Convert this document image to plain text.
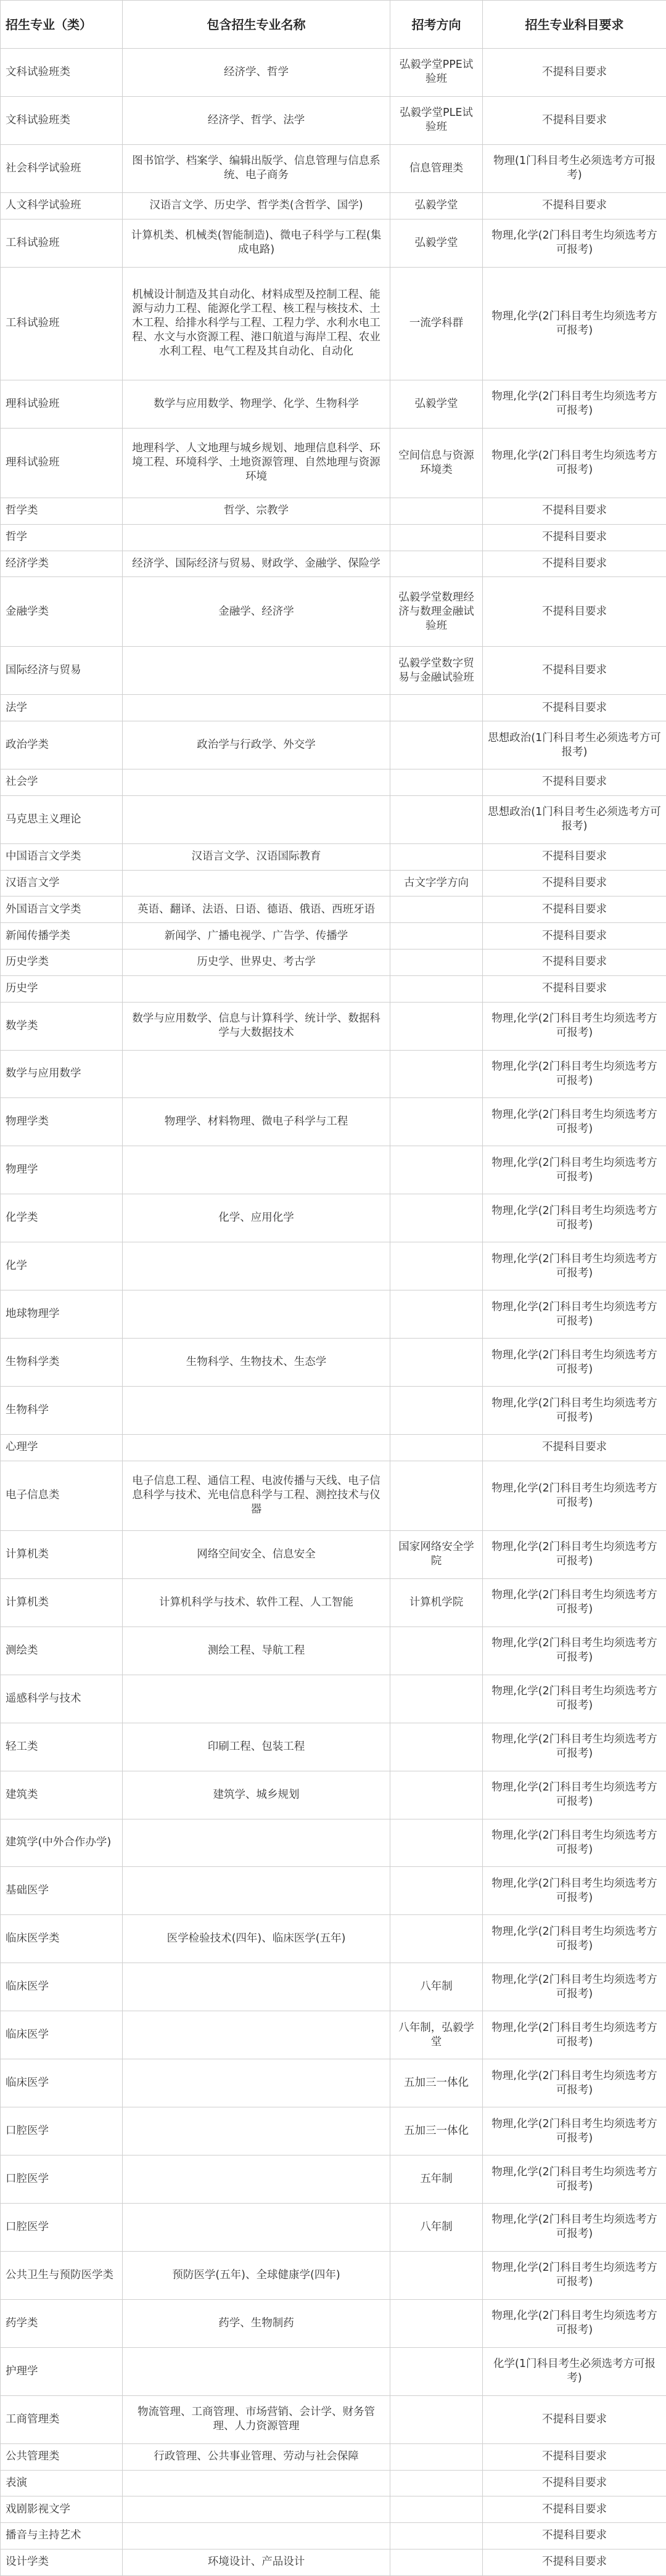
招生专业（类）	包含招生专业名称	招考方向	招生专业科目要求
文科试验班类	经济学、哲学	弘毅学堂PPE试验班	不提科目要求
文科试验班类	经济学、哲学、法学	弘毅学堂PLE试验班	不提科目要求
社会科学试验班	图书馆学、档案学、编辑出版学、信息管理与信息系统、电子商务	信息管理类	物理(1门科目考生必须选考方可报考)
人文科学试验班	汉语言文学、历史学、哲学类(含哲学、国学)	弘毅学堂	不提科目要求
工科试验班	计算机类、机械类(智能制造)、微电子科学与工程(集成电路)	弘毅学堂	物理,化学(2门科目考生均须选考方可报考)
工科试验班	机械设计制造及其自动化、材料成型及控制工程、能源与动力工程、能源化学工程、核工程与核技术、土木工程、给排水科学与工程、工程力学、水利水电工程、水文与水资源工程、港口航道与海岸工程、农业水利工程、电气工程及其自动化、自动化	一流学科群	物理,化学(2门科目考生均须选考方可报考)
理科试验班	数学与应用数学、物理学、化学、生物科学	弘毅学堂	物理,化学(2门科目考生均须选考方可报考)
理科试验班	地理科学、人文地理与城乡规划、地理信息科学、环境工程、环境科学、土地资源管理、自然地理与资源环境	空间信息与资源环境类	物理,化学(2门科目考生均须选考方可报考)
哲学类	哲学、宗教学		不提科目要求
哲学			不提科目要求
经济学类	经济学、国际经济与贸易、财政学、金融学、保险学		不提科目要求
金融学类	金融学、经济学	弘毅学堂数理经济与数理金融试验班	不提科目要求
国际经济与贸易		弘毅学堂数字贸易与金融试验班	不提科目要求
法学			不提科目要求
政治学类	政治学与行政学、外交学		思想政治(1门科目考生必须选考方可报考)
社会学			不提科目要求
马克思主义理论			思想政治(1门科目考生必须选考方可报考)
中国语言文学类	汉语言文学、汉语国际教育		不提科目要求
汉语言文学		古文字学方向	不提科目要求
外国语言文学类	英语、翻译、法语、日语、德语、俄语、西班牙语		不提科目要求
新闻传播学类	新闻学、广播电视学、广告学、传播学		不提科目要求
历史学类	历史学、世界史、考古学		不提科目要求
历史学			不提科目要求
数学类	数学与应用数学、信息与计算科学、统计学、数据科学与大数据技术		物理,化学(2门科目考生均须选考方可报考)
数学与应用数学			物理,化学(2门科目考生均须选考方可报考)
物理学类	物理学、材料物理、微电子科学与工程		物理,化学(2门科目考生均须选考方可报考)
物理学			物理,化学(2门科目考生均须选考方可报考)
化学类	化学、应用化学		物理,化学(2门科目考生均须选考方可报考)
化学			物理,化学(2门科目考生均须选考方可报考)
地球物理学			物理,化学(2门科目考生均须选考方可报考)
生物科学类	生物科学、生物技术、生态学		物理,化学(2门科目考生均须选考方可报考)
生物科学			物理,化学(2门科目考生均须选考方可报考)
心理学			不提科目要求
电子信息类	电子信息工程、通信工程、电波传播与天线、电子信息科学与技术、光电信息科学与工程、测控技术与仪器		物理,化学(2门科目考生均须选考方可报考)
计算机类	网络空间安全、信息安全	国家网络安全学院	物理,化学(2门科目考生均须选考方可报考)
计算机类	计算机科学与技术、软件工程、人工智能	计算机学院	物理,化学(2门科目考生均须选考方可报考)
测绘类	测绘工程、导航工程		物理,化学(2门科目考生均须选考方可报考)
遥感科学与技术			物理,化学(2门科目考生均须选考方可报考)
轻工类	印刷工程、包装工程		物理,化学(2门科目考生均须选考方可报考)
建筑类	建筑学、城乡规划		物理,化学(2门科目考生均须选考方可报考)
建筑学(中外合作办学)			物理,化学(2门科目考生均须选考方可报考)
基础医学			物理,化学(2门科目考生均须选考方可报考)
临床医学类	医学检验技术(四年)、临床医学(五年)		物理,化学(2门科目考生均须选考方可报考)
临床医学		八年制	物理,化学(2门科目考生均须选考方可报考)
临床医学		八年制，弘毅学堂	物理,化学(2门科目考生均须选考方可报考)
临床医学		五加三一体化	物理,化学(2门科目考生均须选考方可报考)
口腔医学		五加三一体化	物理,化学(2门科目考生均须选考方可报考)
口腔医学		五年制	物理,化学(2门科目考生均须选考方可报考)
口腔医学		八年制	物理,化学(2门科目考生均须选考方可报考)
公共卫生与预防医学类	预防医学(五年)、全球健康学(四年)		物理,化学(2门科目考生均须选考方可报考)
药学类	药学、生物制药		物理,化学(2门科目考生均须选考方可报考)
护理学			化学(1门科目考生必须选考方可报考)
工商管理类	物流管理、工商管理、市场营销、会计学、财务管理、人力资源管理		不提科目要求
公共管理类	行政管理、公共事业管理、劳动与社会保障		不提科目要求
表演			不提科目要求
戏剧影视文学			不提科目要求
播音与主持艺术			不提科目要求
设计学类	环境设计、产品设计		不提科目要求
